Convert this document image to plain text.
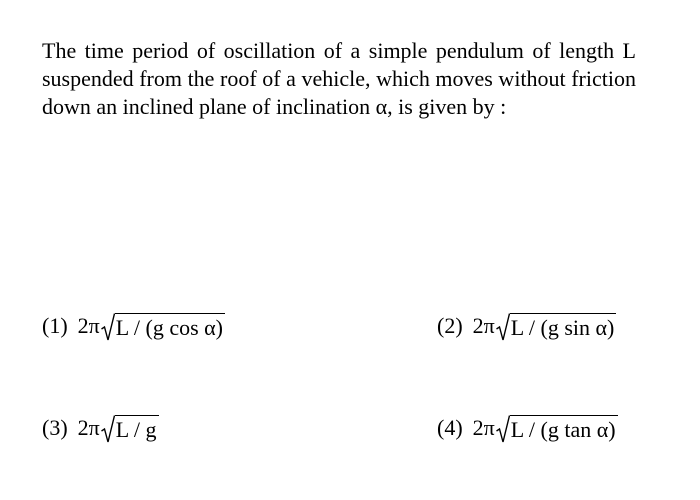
The time period of oscillation of a simple pendulum of length L suspended from the roof of a vehicle, which moves without friction down an inclined plane of inclination α, is given by :
(1) 2π L / (g cos α)	(2) 2π L / (g sin α)
(3) 2π L / g	(4) 2π L / (g tan α)
